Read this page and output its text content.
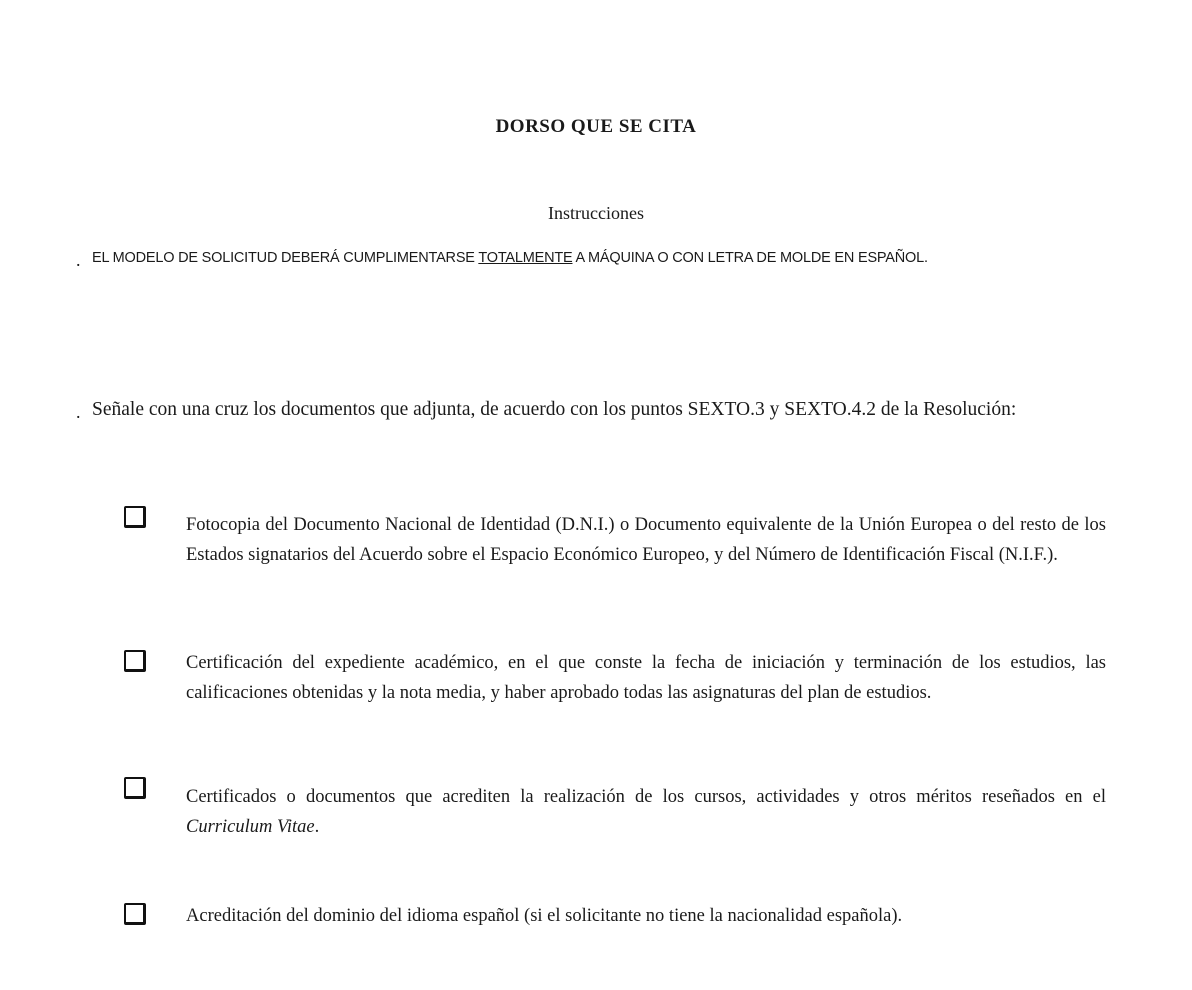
DORSO QUE SE CITA
Instrucciones
. EL MODELO DE SOLICITUD DEBERÁ CUMPLIMENTARSE TOTALMENTE A MÁQUINA O CON LETRA DE MOLDE EN ESPAÑOL.
. Señale con una cruz los documentos que adjunta, de acuerdo con los puntos SEXTO.3 y SEXTO.4.2 de la Resolución:
Fotocopia del Documento Nacional de Identidad (D.N.I.) o Documento equivalente de la Unión Europea o del resto de los Estados signatarios del Acuerdo sobre el Espacio Económico Europeo, y del Número de Identificación Fiscal (N.I.F.).
Certificación del expediente académico, en el que conste la fecha de iniciación y terminación de los estudios, las calificaciones obtenidas y la nota media, y haber aprobado todas las asignaturas del plan de estudios.
Certificados o documentos que acrediten la realización de los cursos, actividades y otros méritos reseñados en el Curriculum Vitae.
Acreditación del dominio del idioma español (si el solicitante no tiene la nacionalidad española).
